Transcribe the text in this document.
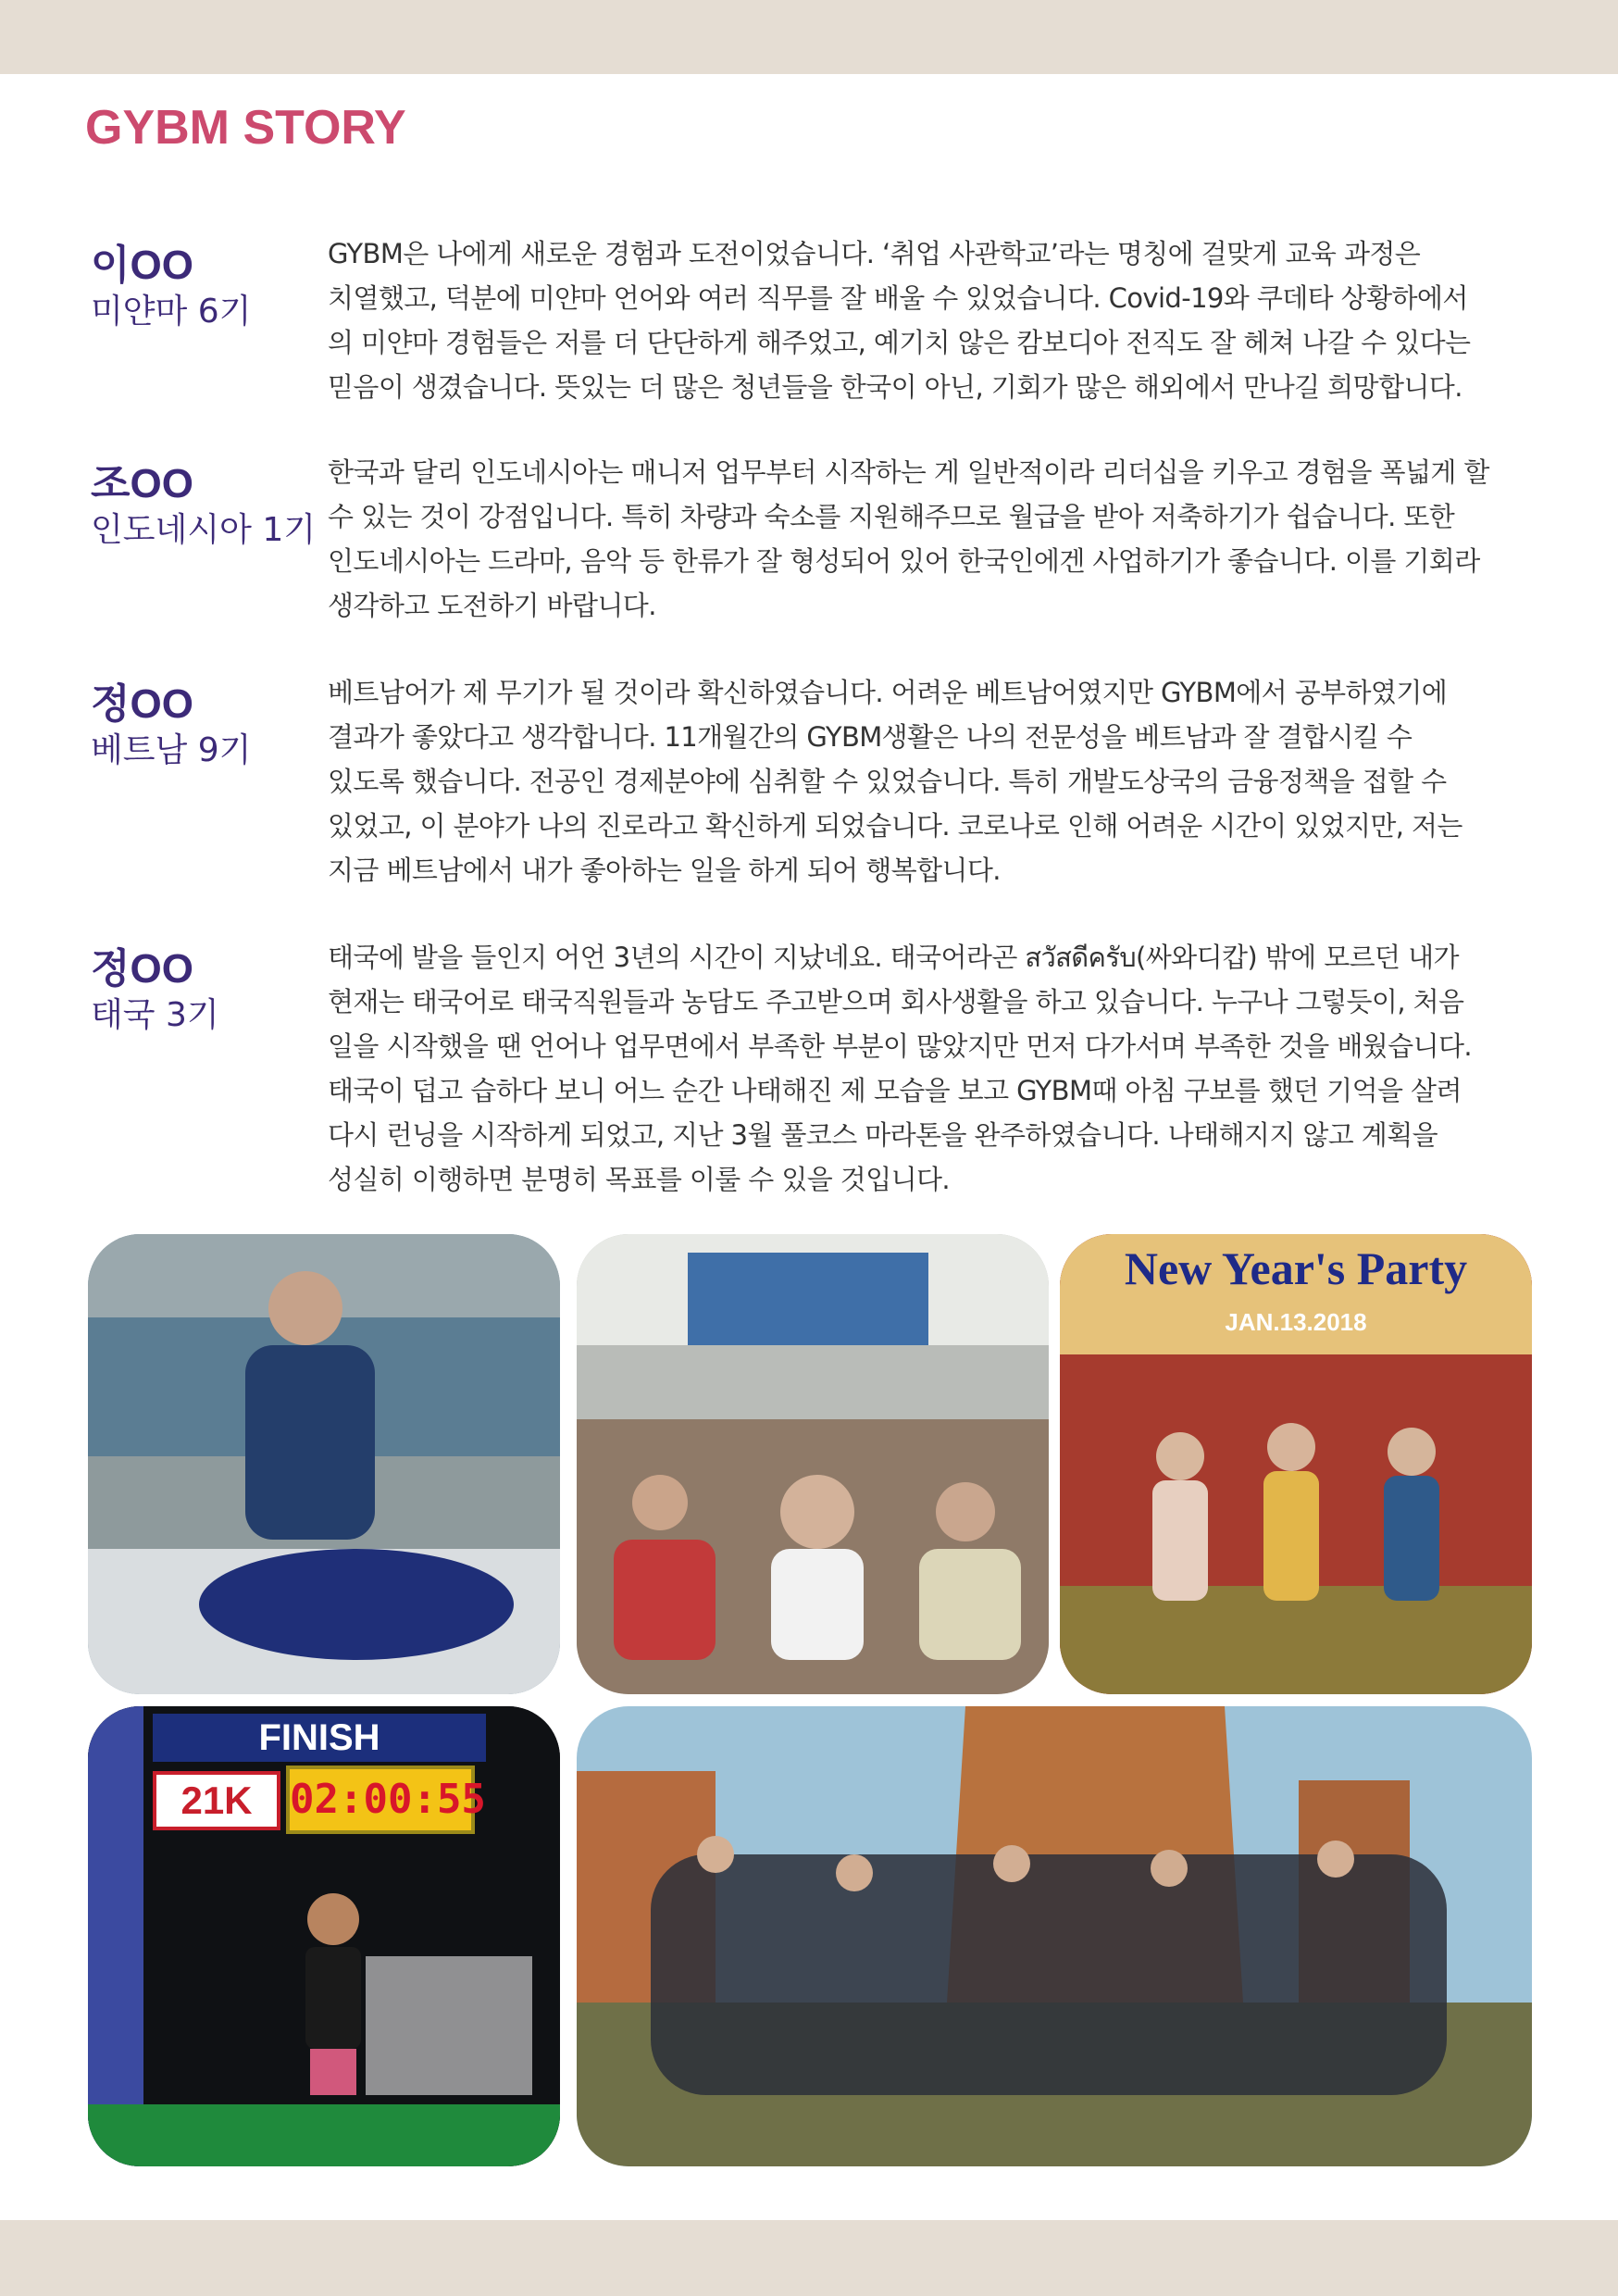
GYBM STORY
이OO
미얀마 6기
GYBM은 나에게 새로운 경험과 도전이었습니다. ‘취업 사관학교’라는 명칭에 걸맞게 교육 과정은
치열했고, 덕분에 미얀마 언어와 여러 직무를 잘 배울 수 있었습니다. Covid-19와 쿠데타 상황하에서
의 미얀마 경험들은 저를 더 단단하게 해주었고, 예기치 않은 캄보디아 전직도 잘 헤쳐 나갈 수 있다는
믿음이 생겼습니다. 뜻있는 더 많은 청년들을 한국이 아닌, 기회가 많은 해외에서 만나길 희망합니다.
조OO
인도네시아 1기
한국과 달리 인도네시아는 매니저 업무부터 시작하는 게 일반적이라 리더십을 키우고 경험을 폭넓게 할
수 있는 것이 강점입니다. 특히 차량과 숙소를 지원해주므로 월급을 받아 저축하기가 쉽습니다. 또한
인도네시아는 드라마, 음악 등 한류가 잘 형성되어 있어 한국인에겐 사업하기가 좋습니다. 이를 기회라
생각하고 도전하기 바랍니다.
정OO
베트남 9기
베트남어가 제 무기가 될 것이라 확신하였습니다. 어려운 베트남어였지만 GYBM에서 공부하였기에
결과가 좋았다고 생각합니다. 11개월간의 GYBM생활은 나의 전문성을 베트남과 잘 결합시킬 수
있도록 했습니다. 전공인 경제분야에 심취할 수 있었습니다. 특히 개발도상국의 금융정책을 접할 수
있었고, 이 분야가 나의 진로라고 확신하게 되었습니다. 코로나로 인해 어려운 시간이 있었지만, 저는
지금 베트남에서 내가 좋아하는 일을 하게 되어 행복합니다.
정OO
태국 3기
태국에 발을 들인지 어언 3년의 시간이 지났네요. 태국어라곤 สวัสดีครับ(싸와디캅) 밖에 모르던 내가
현재는 태국어로 태국직원들과 농담도 주고받으며 회사생활을 하고 있습니다. 누구나 그렇듯이, 처음
일을 시작했을 땐 언어나 업무면에서 부족한 부분이 많았지만 먼저 다가서며 부족한 것을 배웠습니다.
태국이 덥고 습하다 보니 어느 순간 나태해진 제 모습을 보고 GYBM때 아침 구보를 했던 기억을 살려
다시 런닝을 시작하게 되었고, 지난 3월 풀코스 마라톤을 완주하였습니다. 나태해지지 않고 계획을
성실히 이행하면 분명히 목표를 이룰 수 있을 것입니다.
New Year's Party
JAN.13.2018
FINISH
21K 02:00:55
